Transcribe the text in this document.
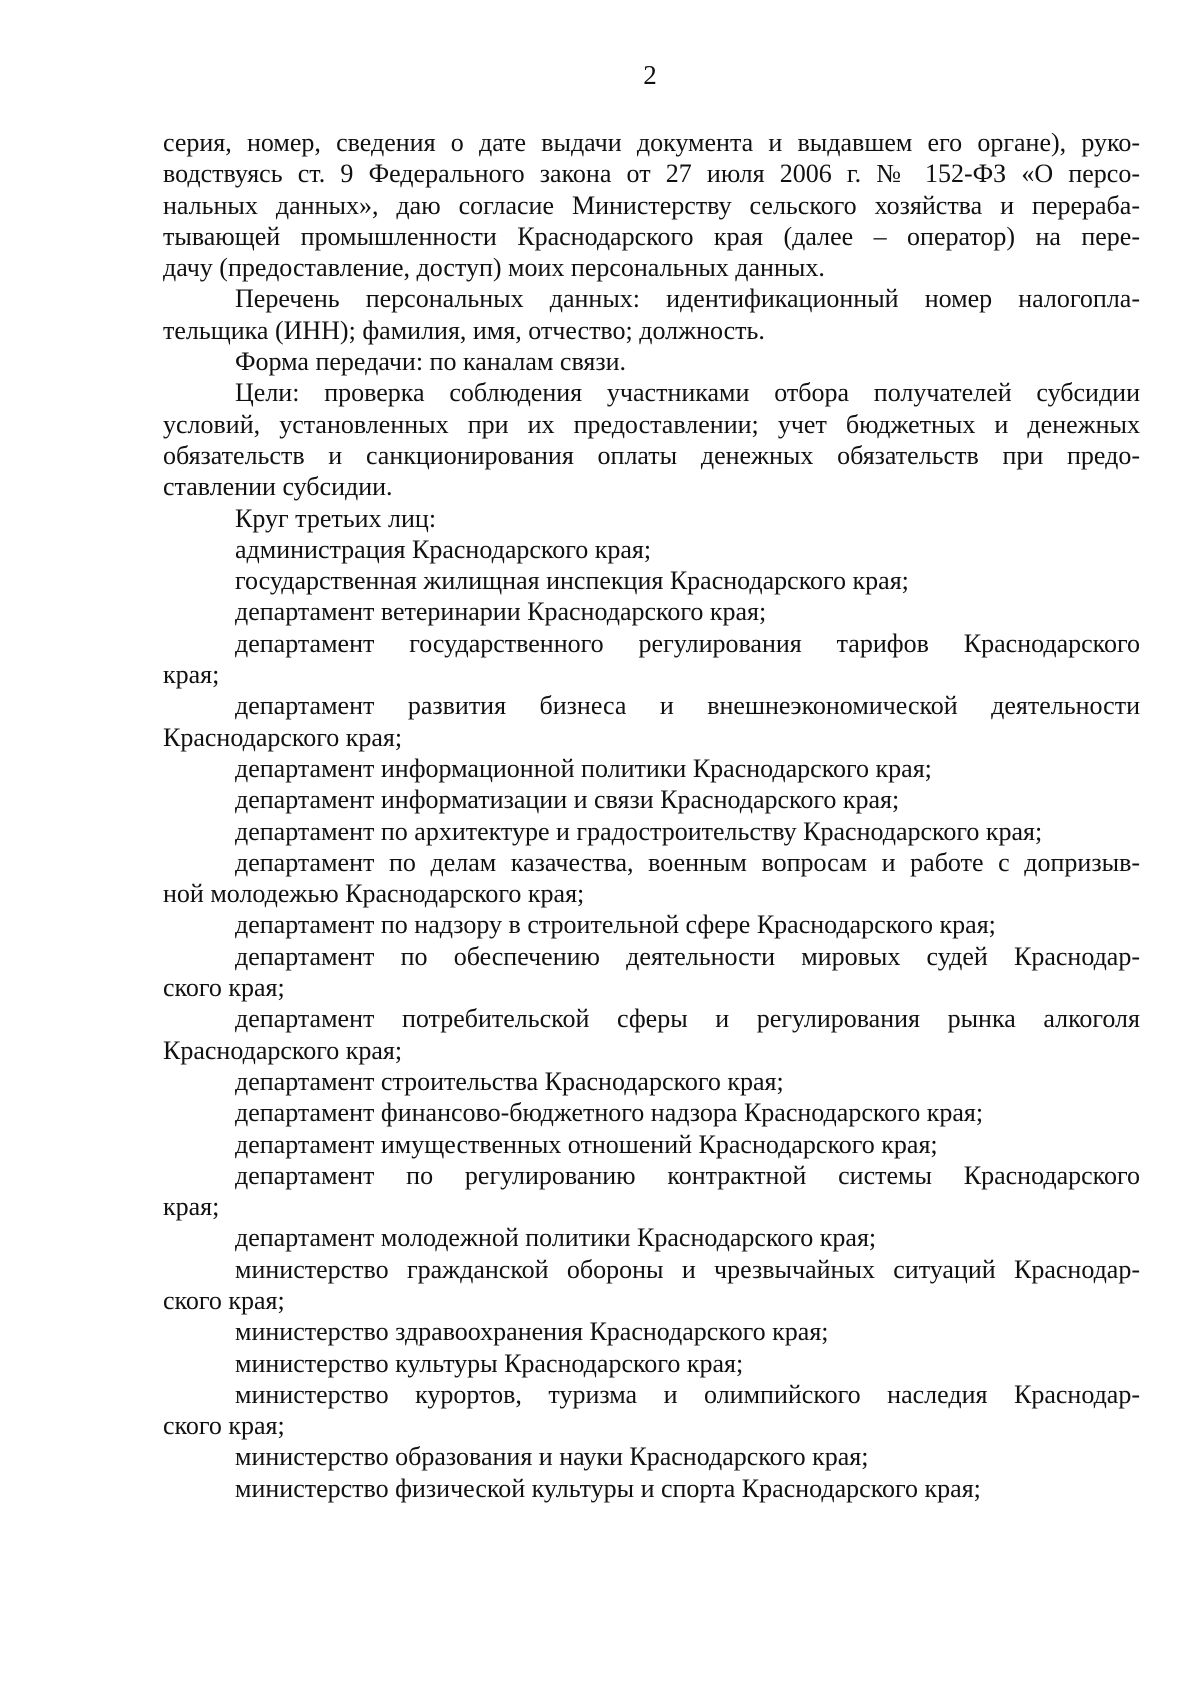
2

серия, номер, сведения о дате выдачи документа и выдавшем его органе), руко-

водствуясь ст. 9 Федерального закона от 27 июля 2006 г. № 152-ФЗ «О персо-

нальных данных», даю согласие Министерству сельского хозяйства и перераба-

тывающей промышленности Краснодарского края (далее – оператор) на пере-

дачу (предоставление, доступ) моих персональных данных.

Перечень персональных данных: идентификационный номер налогопла-

тельщика (ИНН); фамилия, имя, отчество; должность.

Форма передачи: по каналам связи.

Цели: проверка соблюдения участниками отбора получателей субсидии

условий, установленных при их предоставлении; учет бюджетных и денежных

обязательств и санкционирования оплаты денежных обязательств при предо-

ставлении субсидии.

Круг третьих лиц:

администрация Краснодарского края;

государственная жилищная инспекция Краснодарского края;

департамент ветеринарии Краснодарского края;

департамент государственного регулирования тарифов Краснодарского

края;

департамент развития бизнеса и внешнеэкономической деятельности

Краснодарского края;

департамент информационной политики Краснодарского края;

департамент информатизации и связи Краснодарского края;

департамент по архитектуре и градостроительству Краснодарского края;

департамент по делам казачества, военным вопросам и работе с допризыв-

ной молодежью Краснодарского края;

департамент по надзору в строительной сфере Краснодарского края;

департамент по обеспечению деятельности мировых судей Краснодар-

ского края;

департамент потребительской сферы и регулирования рынка алкоголя

Краснодарского края;

департамент строительства Краснодарского края;

департамент финансово-бюджетного надзора Краснодарского края;

департамент имущественных отношений Краснодарского края;

департамент по регулированию контрактной системы Краснодарского

края;

департамент молодежной политики Краснодарского края;

министерство гражданской обороны и чрезвычайных ситуаций Краснодар-

ского края;

министерство здравоохранения Краснодарского края;

министерство культуры Краснодарского края;

министерство курортов, туризма и олимпийского наследия Краснодар-

ского края;

министерство образования и науки Краснодарского края;

министерство физической культуры и спорта Краснодарского края;
